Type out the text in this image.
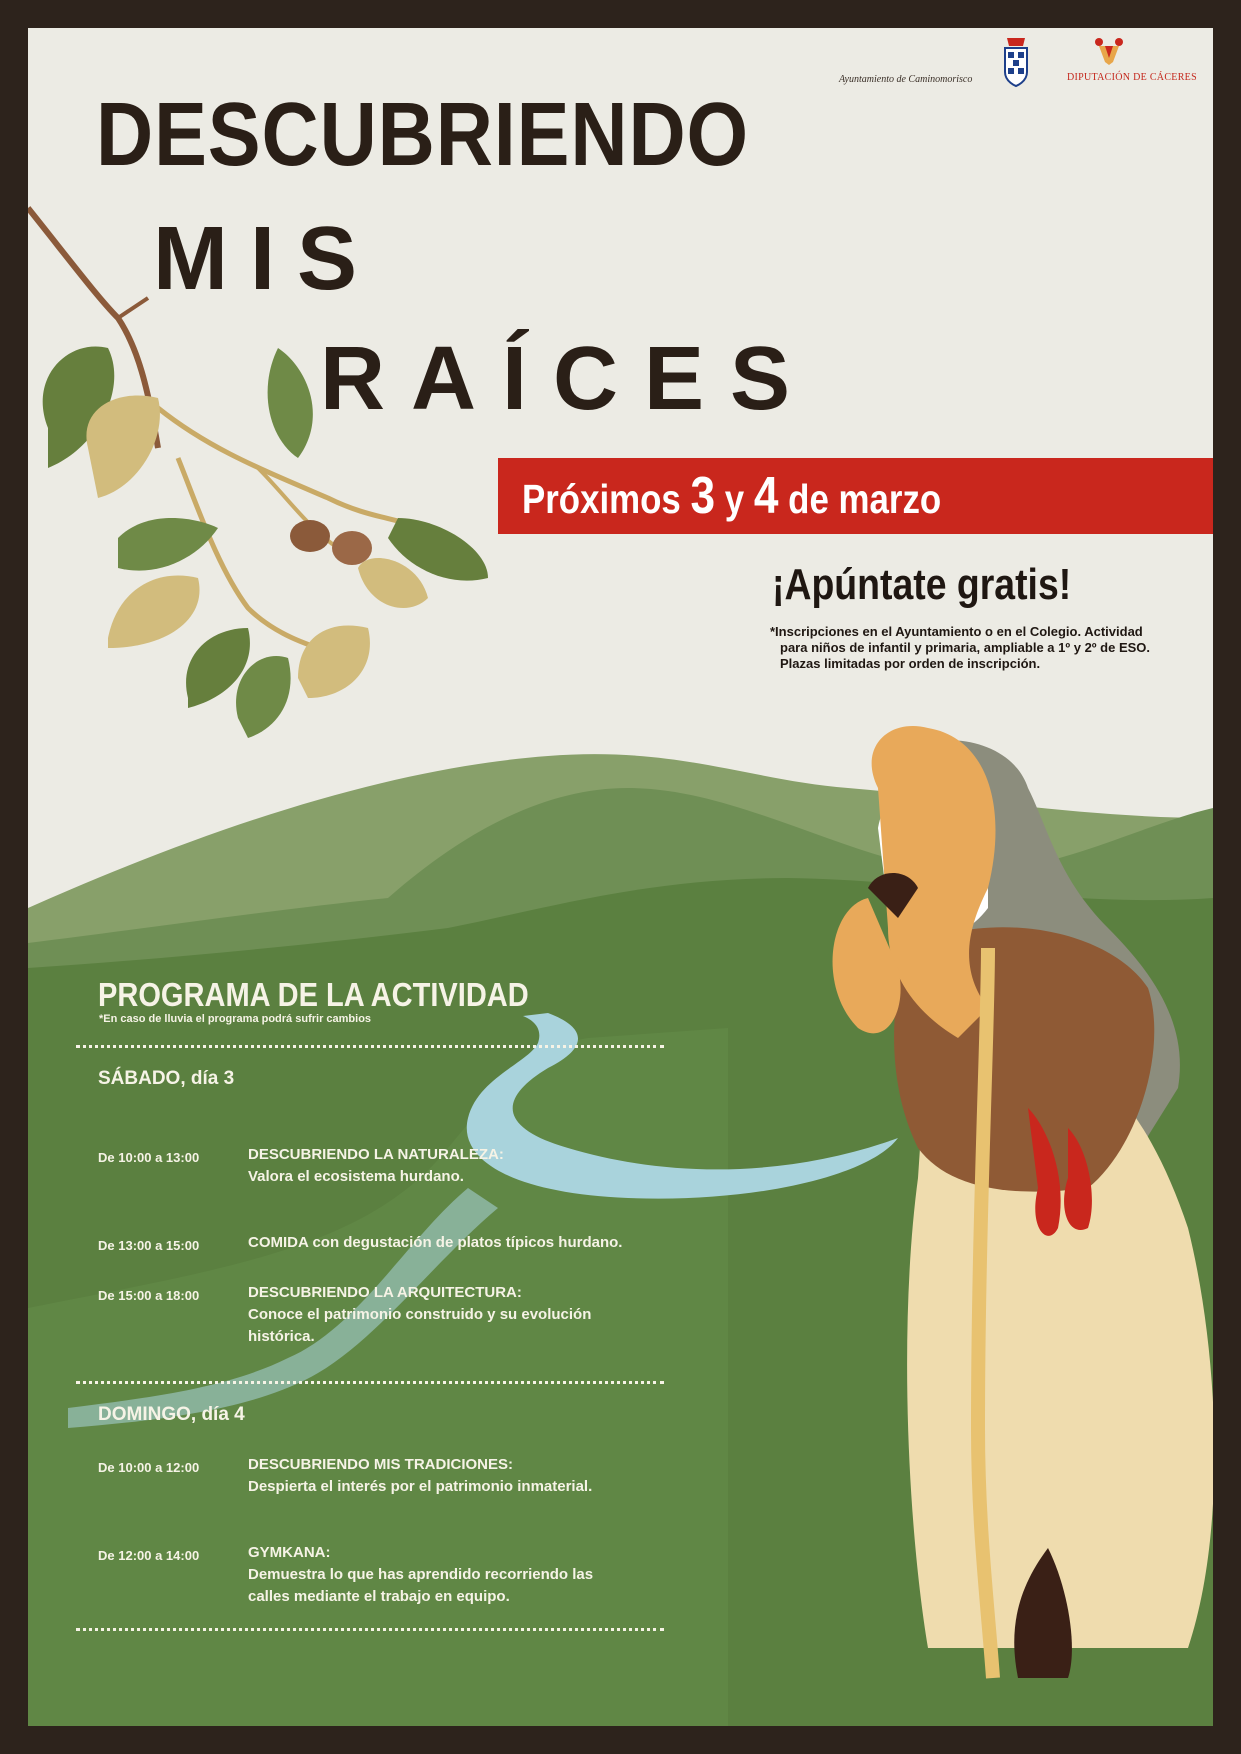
Ayuntamiento de Caminomorisco	DIPUTACIÓN DE CÁCERES
DESCUBRIENDO
MIS
RAÍCES
Próximos 3 y 4 de marzo
¡Apúntate gratis!
*Inscripciones en el Ayuntamiento o en el Colegio. Actividad
para niños de infantil y primaria, ampliable a 1º y 2º de ESO.
Plazas limitadas por orden de inscripción.
PROGRAMA DE LA ACTIVIDAD
*En caso de lluvia el programa podrá sufrir cambios
SÁBADO, día 3
De 10:00 a 13:00	DESCUBRIENDO LA NATURALEZA:
Valora el ecosistema hurdano.
De 13:00 a 15:00	COMIDA con degustación de platos típicos hurdano.
De 15:00 a 18:00	DESCUBRIENDO LA ARQUITECTURA:
Conoce el patrimonio construido y su evolución
histórica.
DOMINGO, día 4
De 10:00 a 12:00	DESCUBRIENDO MIS TRADICIONES:
Despierta el interés por el patrimonio inmaterial.
De 12:00 a 14:00	GYMKANA:
Demuestra lo que has aprendido recorriendo las
calles mediante el trabajo en equipo.
